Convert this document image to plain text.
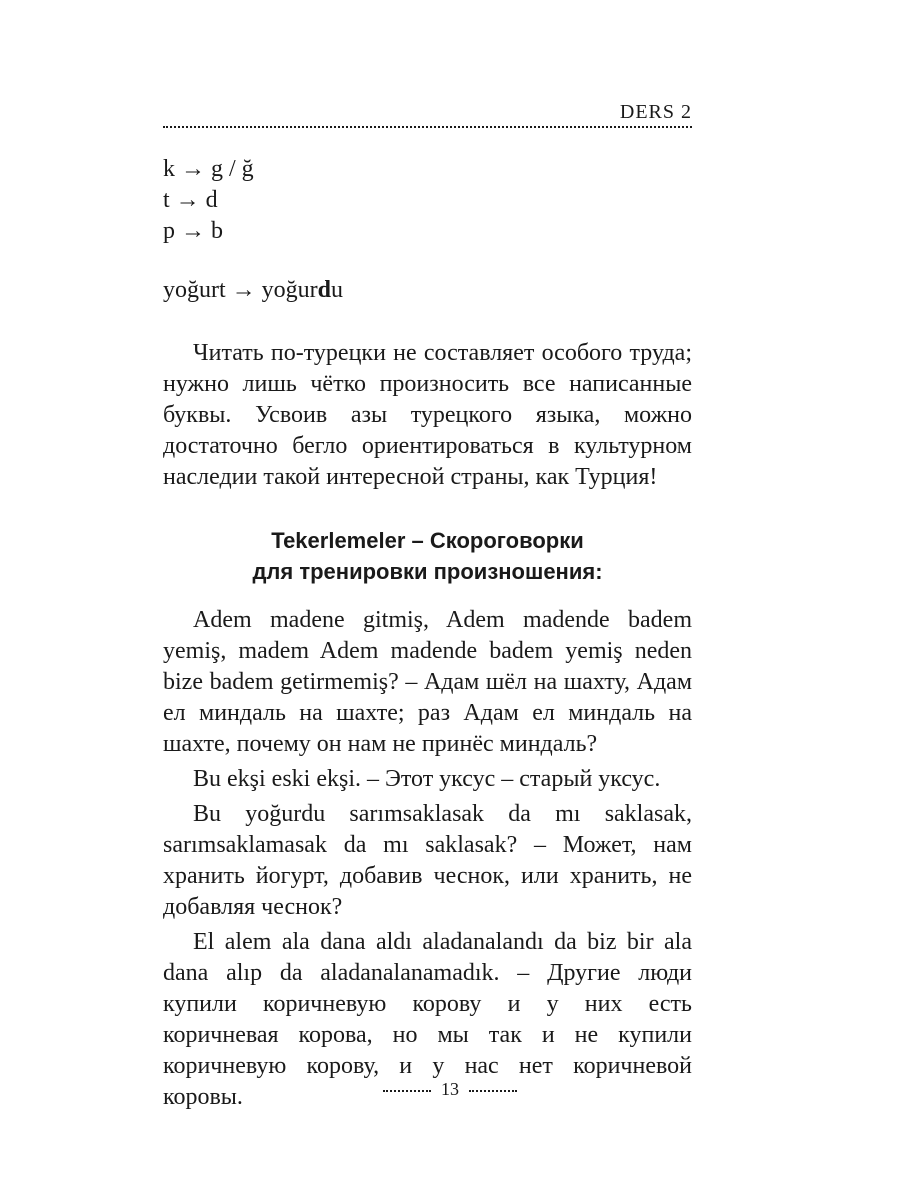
DERS 2
k → g / ğ
t → d
p → b
yoğurt → yoğurdu

Читать по-турецки не составляет особого труда; нужно лишь чётко произносить все написанные буквы. Усвоив азы турецкого языка, можно достаточно бегло ориентироваться в культурном наследии такой интересной страны, как Турция!

Tekerlemeler – Скороговорки
для тренировки произношения:

Adem madene gitmiş, Adem madende badem yemiş, madem Adem madende badem yemiş neden bize badem getirmemiş? – Адам шёл на шахту, Адам ел миндаль на шахте; раз Адам ел миндаль на шахте, почему он нам не принёс миндаль?

Bu ekşi eski ekşi. – Этот уксус – старый уксус.

Bu yoğurdu sarımsaklasak da mı saklasak, sarımsaklamasak da mı saklasak? – Может, нам хранить йогурт, добавив чеснок, или хранить, не добавляя чеснок?

El alem ala dana aldı aladanalandı da biz bir ala dana alıp da aladanalanamadık. – Другие люди купили коричневую корову и у них есть коричневая корова, но мы так и не купили коричневую корову, и у нас нет коричневой коровы.	13
